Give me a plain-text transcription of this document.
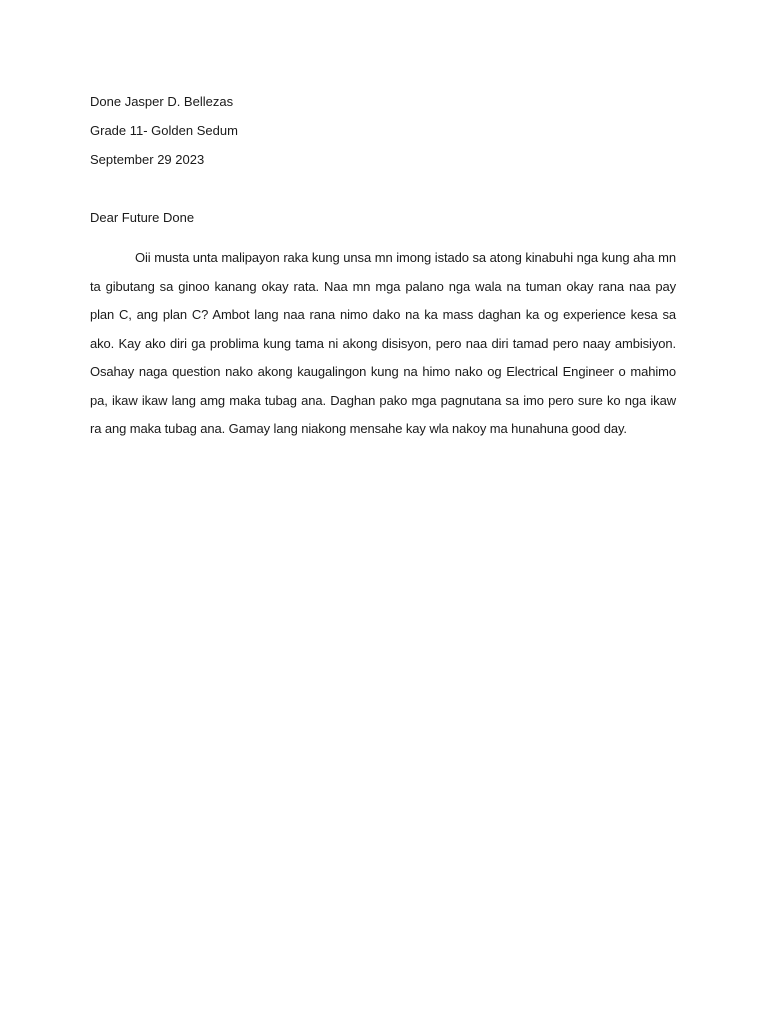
Done Jasper D. Bellezas
Grade 11- Golden Sedum
September 29 2023
Dear Future Done

Oii musta unta malipayon raka kung unsa mn imong istado sa atong kinabuhi nga kung aha mn ta gibutang sa ginoo kanang okay rata. Naa mn mga palano nga wala na tuman okay rana naa pay plan C, ang plan C? Ambot lang naa rana nimo dako na ka mass daghan ka og experience kesa sa ako. Kay ako diri ga problima kung tama ni akong disisyon, pero naa diri tamad pero naay ambisiyon. Osahay naga question nako akong kaugalingon kung na himo nako og Electrical Engineer o mahimo pa, ikaw ikaw lang amg maka tubag ana. Daghan pako mga pagnutana sa imo pero sure ko nga ikaw ra ang maka tubag ana. Gamay lang niakong mensahe kay wla nakoy ma hunahuna good day.
